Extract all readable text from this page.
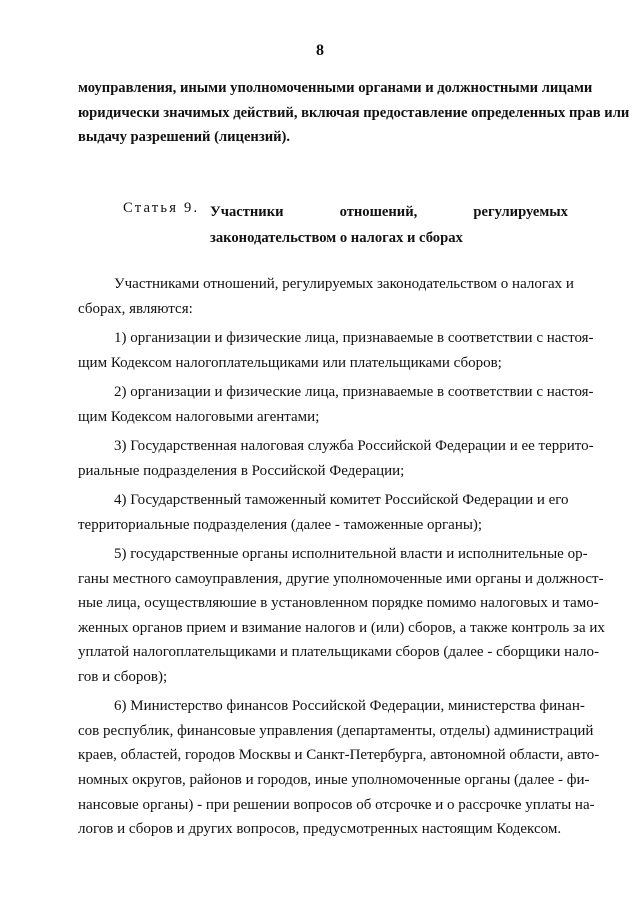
8
моуправления, иными уполномоченными органами и должностными лицами
юридически значимых действий, включая предоставление определенных прав или
выдачу разрешений (лицензий).
Статья 9. Участники	отношений,	регулируемых
законодательством о налогах и сборах
Участниками отношений, регулируемых законодательством о налогах и
сборах, являются:
1) организации и физические лица, признаваемые в соответствии с настоя-
щим Кодексом налогоплательщиками или плательщиками сборов;
2) организации и физические лица, признаваемые в соответствии с настоя-
щим Кодексом налоговыми агентами;
3) Государственная налоговая служба Российской Федерации и ее террито-
риальные подразделения в Российской Федерации;
4) Государственный таможенный комитет Российской Федерации и его
территориальные подразделения (далее - таможенные органы);
5) государственные органы исполнительной власти и исполнительные ор-
ганы местного самоуправления, другие уполномоченные ими органы и должност-
ные лица, осуществляюшие в установленном порядке помимо налоговых и тамо-
женных органов прием и взимание налогов и (или) сборов, а также контроль за их
уплатой налогоплательщиками и плательщиками сборов (далее - сборщики нало-
гов и сборов);
6) Министерство финансов Российской Федерации, министерства финан-
сов республик, финансовые управления (департаменты, отделы) администраций
краев, областей, городов Москвы и Санкт-Петербурга, автономной области, авто-
номных округов, районов и городов, иные уполномоченные органы (далее - фи-
нансовые органы) - при решении вопросов об отсрочке и о рассрочке уплаты на-
логов и сборов и других вопросов, предусмотренных настоящим Кодексом.
